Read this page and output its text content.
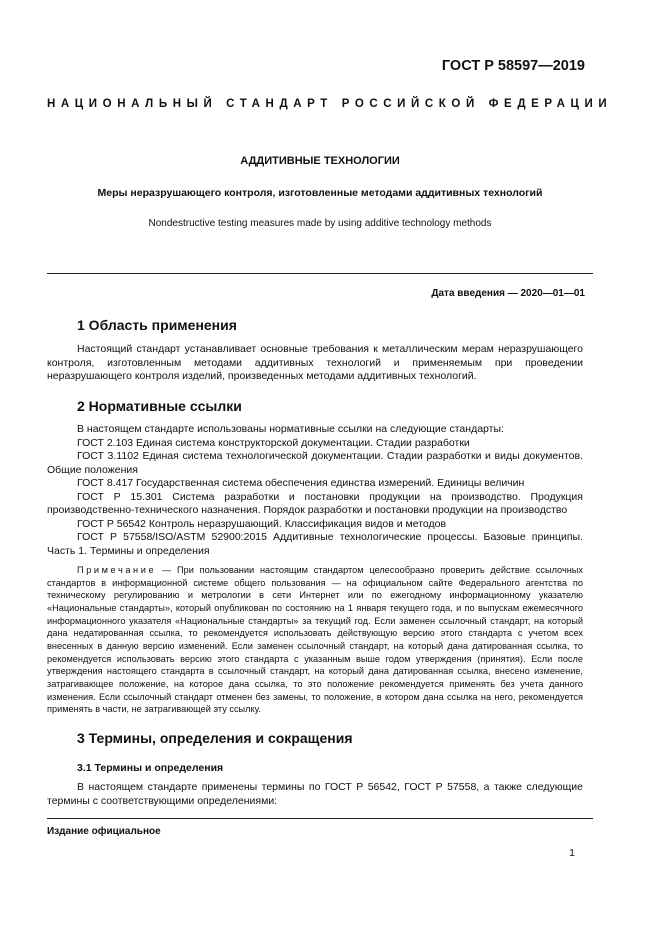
ГОСТ Р 58597—2019
НАЦИОНАЛЬНЫЙ СТАНДАРТ РОССИЙСКОЙ ФЕДЕРАЦИИ
АДДИТИВНЫЕ ТЕХНОЛОГИИ
Меры неразрушающего контроля, изготовленные методами аддитивных технологий
Nondestructive testing measures made by using additive technology methods
Дата введения — 2020—01—01
1 Область применения
Настоящий стандарт устанавливает основные требования к металлическим мерам неразрушающего контроля, изготовленным методами аддитивных технологий и применяемым при проведении неразрушающего контроля изделий, произведенных методами аддитивных технологий.
2 Нормативные ссылки
В настоящем стандарте использованы нормативные ссылки на следующие стандарты:
ГОСТ 2.103 Единая система конструкторской документации. Стадии разработки
ГОСТ 3.1102 Единая система технологической документации. Стадии разработки и виды документов. Общие положения
ГОСТ 8.417 Государственная система обеспечения единства измерений. Единицы величин
ГОСТ Р 15.301 Система разработки и постановки продукции на производство. Продукция производственно-технического назначения. Порядок разработки и постановки продукции на производство
ГОСТ Р 56542 Контроль неразрушающий. Классификация видов и методов
ГОСТ Р 57558/ISO/ASTM 52900:2015 Аддитивные технологические процессы. Базовые принципы. Часть 1. Термины и определения
Примечание — При пользовании настоящим стандартом целесообразно проверить действие ссылочных стандартов в информационной системе общего пользования — на официальном сайте Федерального агентства по техническому регулированию и метрологии в сети Интернет или по ежегодному информационному указателю «Национальные стандарты», который опубликован по состоянию на 1 января текущего года, и по выпускам ежемесячного информационного указателя «Национальные стандарты» за текущий год. Если заменен ссылочный стандарт, на который дана недатированная ссылка, то рекомендуется использовать действующую версию этого стандарта с учетом всех внесенных в данную версию изменений. Если заменен ссылочный стандарт, на который дана датированная ссылка, то рекомендуется использовать версию этого стандарта с указанным выше годом утверждения (принятия). Если после утверждения настоящего стандарта в ссылочный стандарт, на который дана датированная ссылка, внесено изменение, затрагивающее положение, на которое дана ссылка, то это положение рекомендуется применять без учета данного изменения. Если ссылочный стандарт отменен без замены, то положение, в котором дана ссылка на него, рекомендуется применять в части, не затрагивающей эту ссылку.
3 Термины, определения и сокращения
3.1 Термины и определения
В настоящем стандарте применены термины по ГОСТ Р 56542, ГОСТ Р 57558, а также следующие термины с соответствующими определениями:
Издание официальное
1
